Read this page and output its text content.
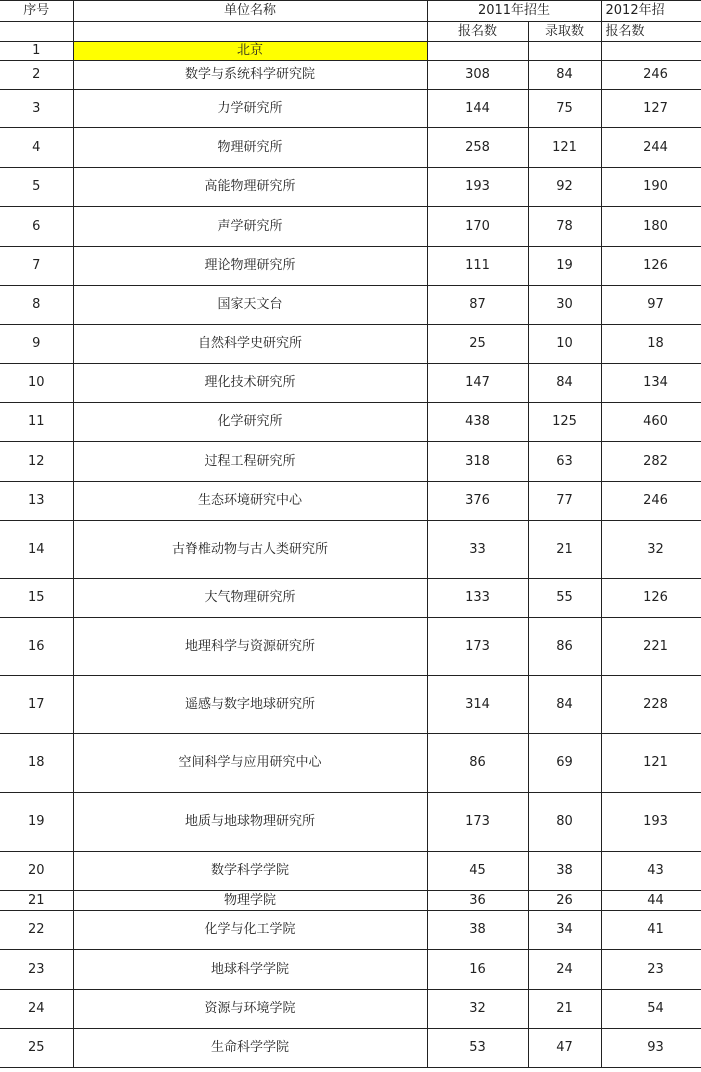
序号	单位名称	2011年招生		2012年招
		报名数	录取数	报名数
1	北京			
2	数学与系统科学研究院	308	84	246
3	力学研究所	144	75	127
4	物理研究所	258	121	244
5	高能物理研究所	193	92	190
6	声学研究所	170	78	180
7	理论物理研究所	111	19	126
8	国家天文台	87	30	97
9	自然科学史研究所	25	10	18
10	理化技术研究所	147	84	134
11	化学研究所	438	125	460
12	过程工程研究所	318	63	282
13	生态环境研究中心	376	77	246
14	古脊椎动物与古人类研究所	33	21	32
15	大气物理研究所	133	55	126
16	地理科学与资源研究所	173	86	221
17	遥感与数字地球研究所	314	84	228
18	空间科学与应用研究中心	86	69	121
19	地质与地球物理研究所	173	80	193
20	数学科学学院	45	38	43
21	物理学院	36	26	44
22	化学与化工学院	38	34	41
23	地球科学学院	16	24	23
24	资源与环境学院	32	21	54
25	生命科学学院	53	47	93
